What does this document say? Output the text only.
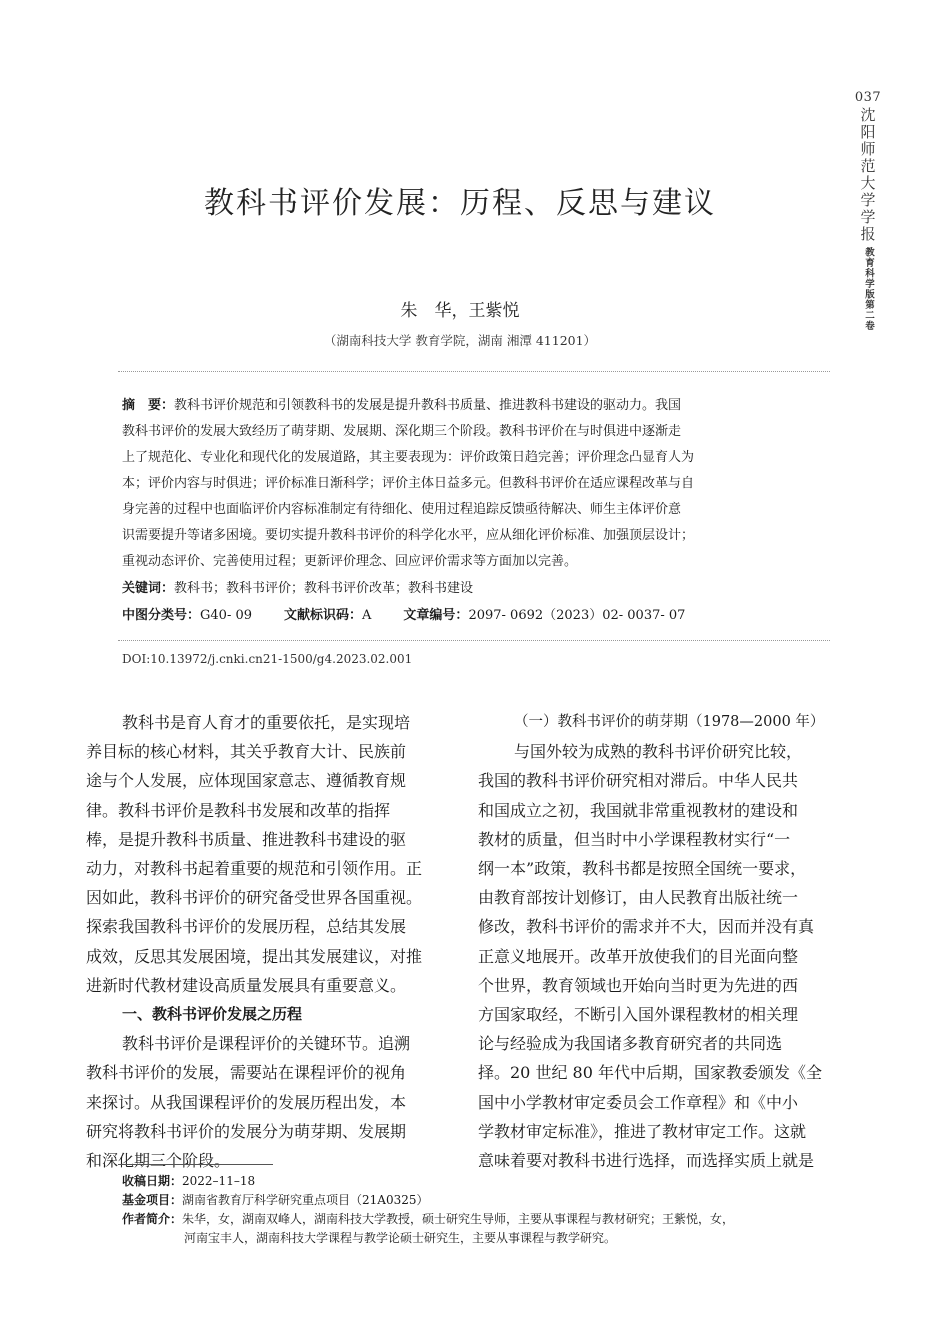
037
沈阳师范大学学报
教育科学版第二卷
教科书评价发展：历程、反思与建议
朱　华，王紫悦
（湖南科技大学 教育学院，湖南 湘潭 411201）
摘　要：教科书评价规范和引领教科书的发展是提升教科书质量、推进教科书建设的驱动力。我国
教科书评价的发展大致经历了萌芽期、发展期、深化期三个阶段。教科书评价在与时俱进中逐渐走
上了规范化、专业化和现代化的发展道路，其主要表现为：评价政策日趋完善；评价理念凸显育人为
本；评价内容与时俱进；评价标准日渐科学；评价主体日益多元。但教科书评价在适应课程改革与自
身完善的过程中也面临评价内容标准制定有待细化、使用过程追踪反馈亟待解决、师生主体评价意
识需要提升等诸多困境。要切实提升教科书评价的科学化水平，应从细化评价标准、加强顶层设计；
重视动态评价、完善使用过程；更新评价理念、回应评价需求等方面加以完善。
关键词：教科书；教科书评价；教科书评价改革；教科书建设
中图分类号：G40- 09 文献标识码：A 文章编号：2097- 0692（2023）02- 0037- 07
DOI:10.13972/j.cnki.cn21-1500/g4.2023.02.001
教科书是育人育才的重要依托，是实现培
养目标的核心材料，其关乎教育大计、民族前
途与个人发展，应体现国家意志、遵循教育规
律。教科书评价是教科书发展和改革的指挥
棒，是提升教科书质量、推进教科书建设的驱
动力，对教科书起着重要的规范和引领作用。正
因如此，教科书评价的研究备受世界各国重视。
探索我国教科书评价的发展历程，总结其发展
成效，反思其发展困境，提出其发展建议，对推
进新时代教材建设高质量发展具有重要意义。
一、教科书评价发展之历程
教科书评价是课程评价的关键环节。追溯
教科书评价的发展，需要站在课程评价的视角
来探讨。从我国课程评价的发展历程出发，本
研究将教科书评价的发展分为萌芽期、发展期
和深化期三个阶段。
（一）教科书评价的萌芽期（1978—2000 年）
与国外较为成熟的教科书评价研究比较，
我国的教科书评价研究相对滞后。中华人民共
和国成立之初，我国就非常重视教材的建设和
教材的质量，但当时中小学课程教材实行“一
纲一本”政策，教科书都是按照全国统一要求，
由教育部按计划修订，由人民教育出版社统一
修改，教科书评价的需求并不大，因而并没有真
正意义地展开。改革开放使我们的目光面向整
个世界，教育领域也开始向当时更为先进的西
方国家取经，不断引入国外课程教材的相关理
论与经验成为我国诸多教育研究者的共同选
择。20 世纪 80 年代中后期，国家教委颁发《全
国中小学教材审定委员会工作章程》和《中小
学教材审定标准》，推进了教材审定工作。这就
意味着要对教科书进行选择，而选择实质上就是
收稿日期： 2022–11–18
基金项目： 湖南省教育厅科学研究重点项目（21A0325）
作者简介： 朱华，女，湖南双峰人，湖南科技大学教授，硕士研究生导师，主要从事课程与教材研究；王紫悦，女，
河南宝丰人，湖南科技大学课程与教学论硕士研究生，主要从事课程与教学研究。
